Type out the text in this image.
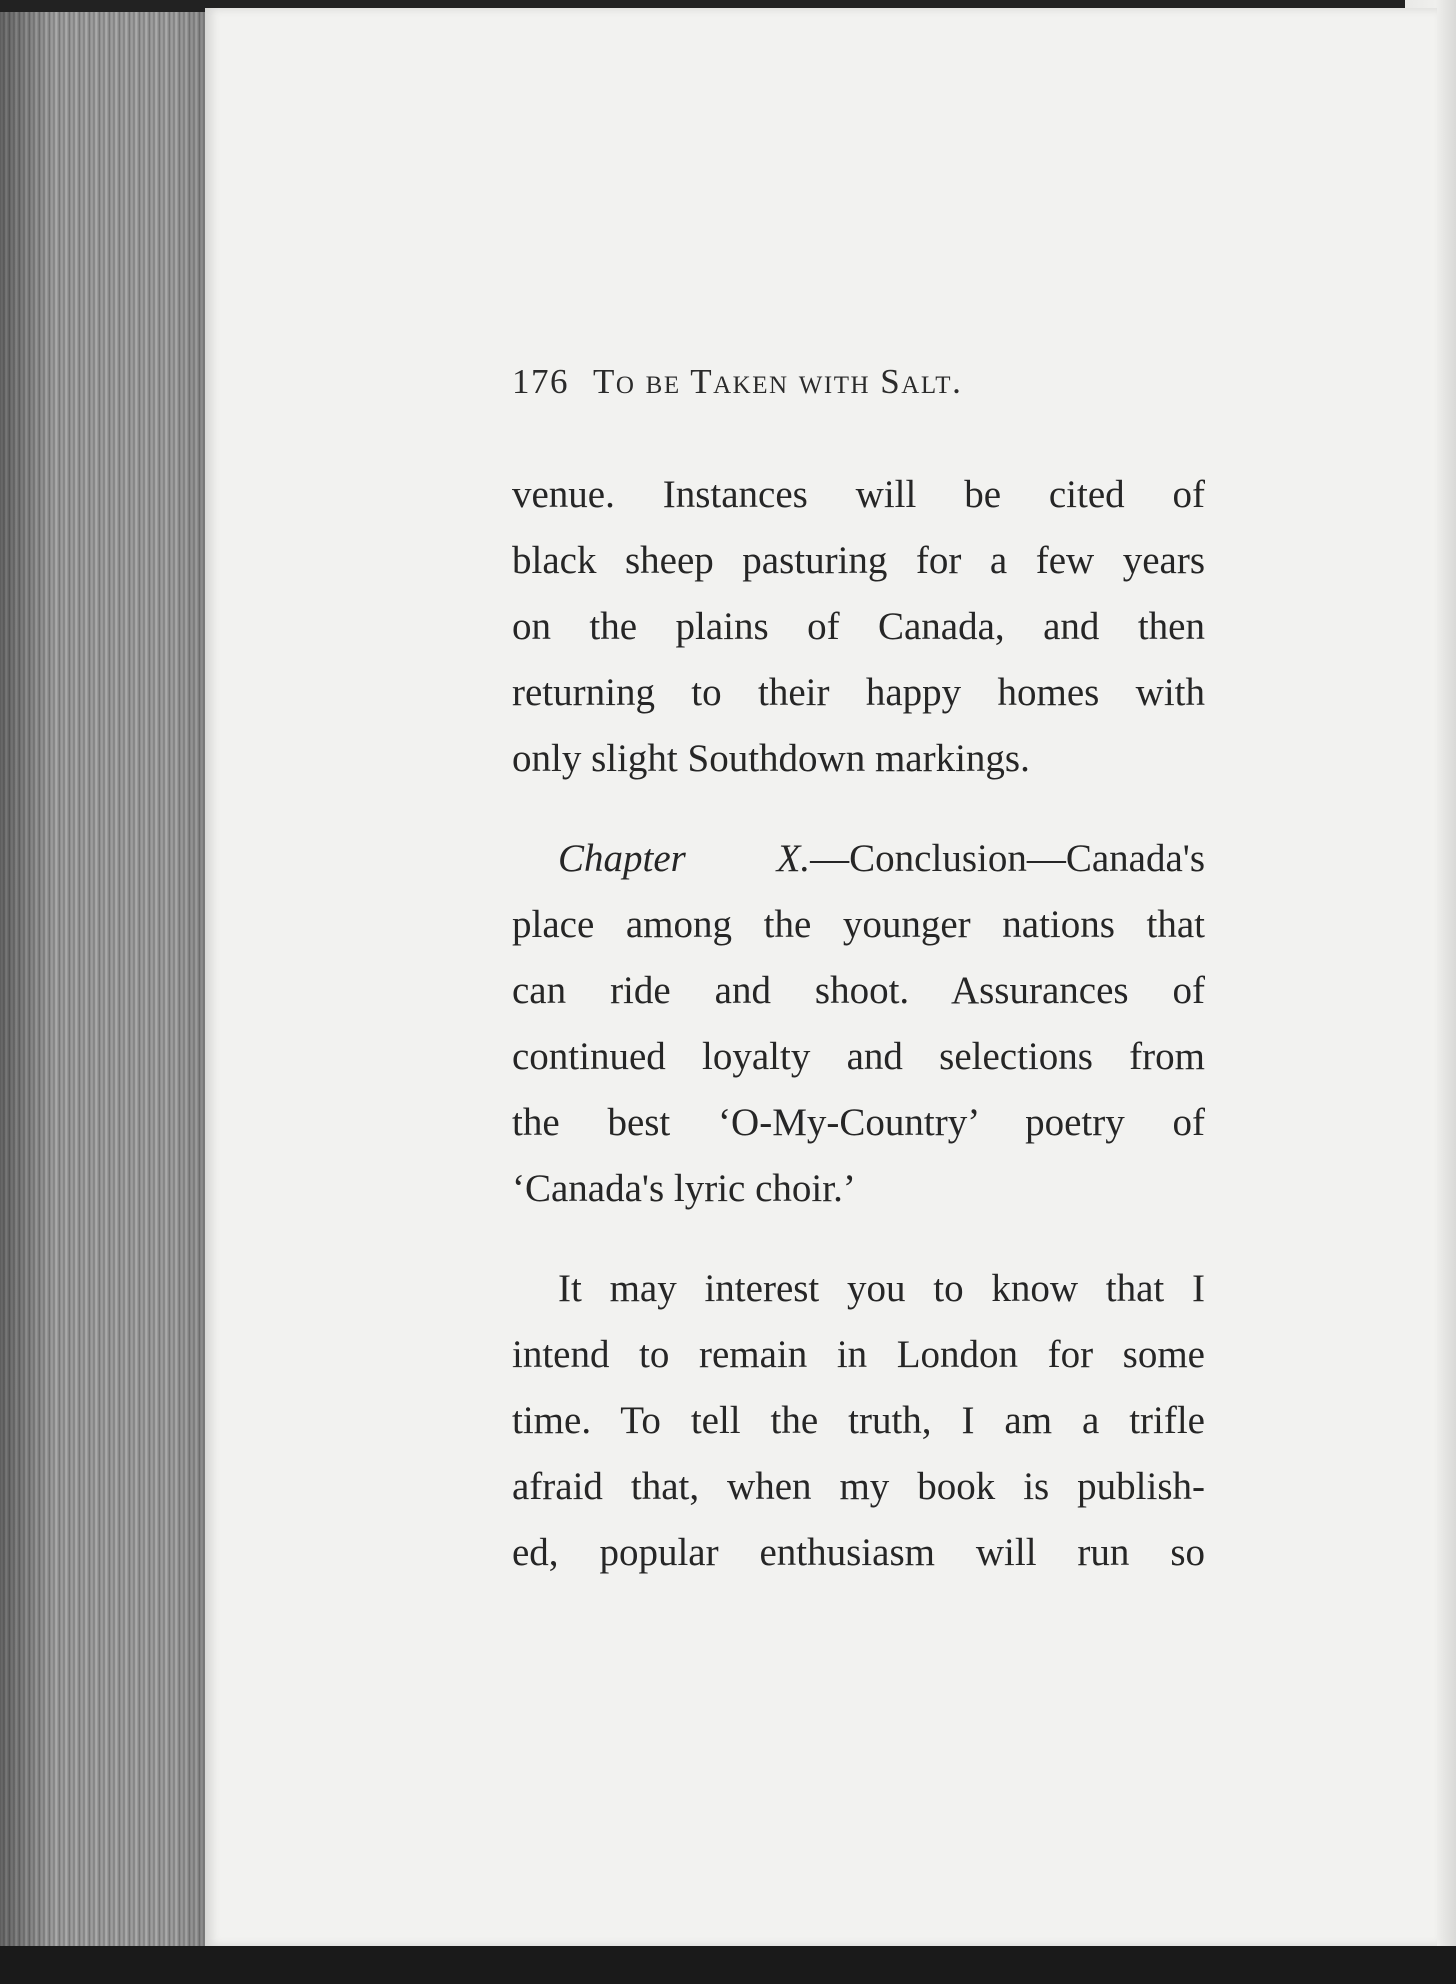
176 To be Taken with Salt.
venue. Instances will be cited of
black sheep pasturing for a few years
on the plains of Canada, and then
returning to their happy homes with
only slight Southdown markings.
Chapter X.—Conclusion—Canada's
place among the younger nations that
can ride and shoot. Assurances of
continued loyalty and selections from
the best ‘O-My-Country’ poetry of
‘Canada's lyric choir.’
It may interest you to know that I
intend to remain in London for some
time. To tell the truth, I am a trifle
afraid that, when my book is publish-
ed, popular enthusiasm will run so
